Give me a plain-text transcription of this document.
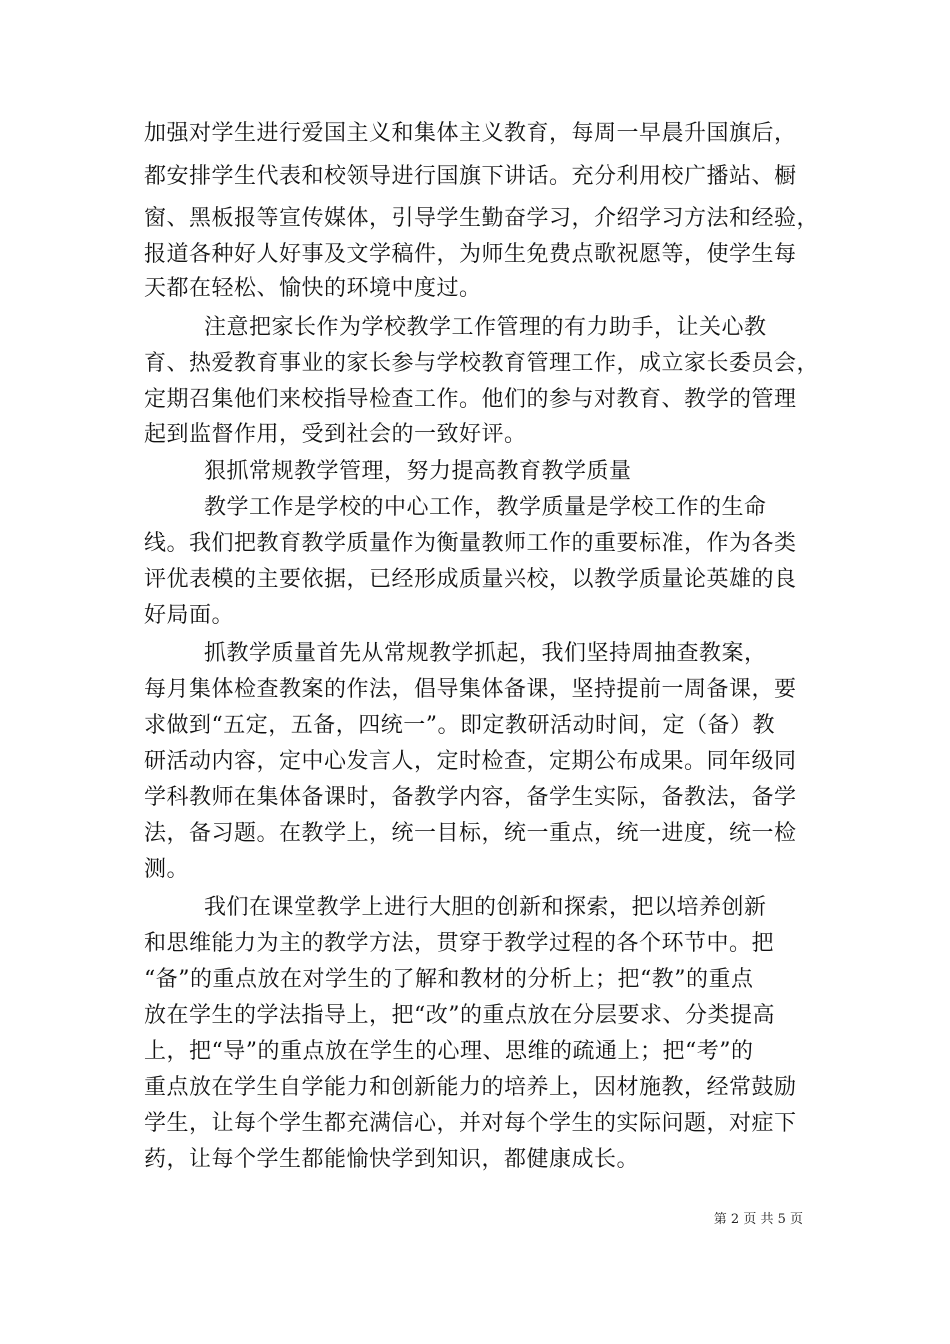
加强对学生进行爱国主义和集体主义教育，每周一早晨升国旗后，
都安排学生代表和校领导进行国旗下讲话。充分利用校广播站、橱
窗、黑板报等宣传媒体，引导学生勤奋学习，介绍学习方法和经验，
报道各种好人好事及文学稿件，为师生免费点歌祝愿等，使学生每
天都在轻松、愉快的环境中度过。
注意把家长作为学校教学工作管理的有力助手，让关心教
育、热爱教育事业的家长参与学校教育管理工作，成立家长委员会，
定期召集他们来校指导检查工作。他们的参与对教育、教学的管理
起到监督作用，受到社会的一致好评。
狠抓常规教学管理，努力提高教育教学质量
教学工作是学校的中心工作，教学质量是学校工作的生命
线。我们把教育教学质量作为衡量教师工作的重要标准，作为各类
评优表模的主要依据，已经形成质量兴校，以教学质量论英雄的良
好局面。
抓教学质量首先从常规教学抓起，我们坚持周抽查教案，
每月集体检查教案的作法，倡导集体备课，坚持提前一周备课，要
求做到“五定，五备，四统一”。即定教研活动时间，定（备）教
研活动内容，定中心发言人，定时检查，定期公布成果。同年级同
学科教师在集体备课时，备教学内容，备学生实际，备教法，备学
法，备习题。在教学上，统一目标，统一重点，统一进度，统一检
测。
我们在课堂教学上进行大胆的创新和探索，把以培养创新
和思维能力为主的教学方法，贯穿于教学过程的各个环节中。把
“备”的重点放在对学生的了解和教材的分析上；把“教”的重点
放在学生的学法指导上，把“改”的重点放在分层要求、分类提高
上，把“导”的重点放在学生的心理、思维的疏通上；把“考”的
重点放在学生自学能力和创新能力的培养上，因材施教，经常鼓励
学生，让每个学生都充满信心，并对每个学生的实际问题，对症下
药，让每个学生都能愉快学到知识，都健康成长。
第 2 页 共 5 页
